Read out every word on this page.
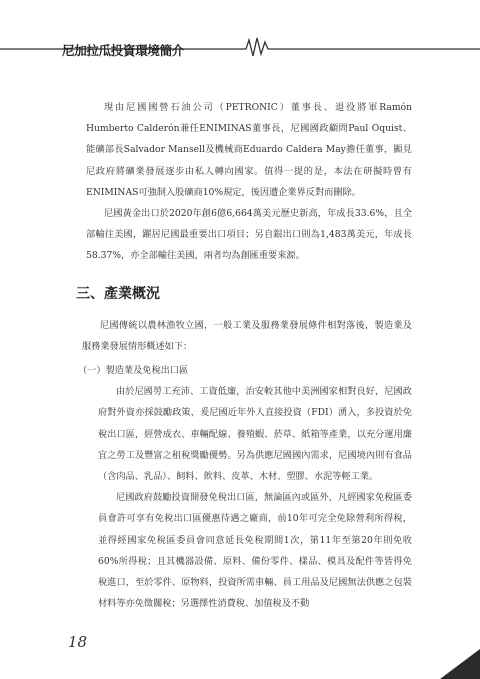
尼加拉瓜投資環境簡介

現由尼國國營石油公司（PETRONIC）董事長、退役將軍Ramón Humberto Calderón兼任ENIMINAS董事長，尼國國政顧問Paul Oquist、能礦部長Salvador Mansell及機械商Eduardo Caldera May擔任董事，顯見尼政府將礦業發展逐步由私人轉向國家。值得一提的是，本法在研擬時曾有ENIMINAS可強制入股礦商10%規定，後因遭企業界反對而刪除。

尼國黃金出口於2020年創6億6,664萬美元歷史新高，年成長33.6%，且全部輸往美國，躍居尼國最重要出口項目；另自銀出口則為1,483萬美元，年成長58.37%，亦全部輸往美國，兩者均為創匯重要來源。

三、產業概況

尼國傳統以農林漁牧立國，一般工業及服務業發展條件相對落後，製造業及服務業發展情形概述如下：

（一）製造業及免稅出口區

由於尼國勞工充沛、工資低廉，治安較其他中美洲國家相對良好，尼國政府對外資亦採鼓勵政策，爰尼國近年外人直接投資（FDI）湧入，多投資於免稅出口區，經營成衣、車輛配線、養殖蝦、菸草、紙箱等產業，以充分運用廉宜之勞工及豐富之租稅獎勵優勢。另為供應尼國國內需求，尼國境內則有食品（含肉品、乳品）、飼料、飲料、皮革、木材、塑膠、水泥等輕工業。

尼國政府鼓勵投資開發免稅出口區，無論區內或區外，凡經國家免稅區委員會許可享有免稅出口區優惠待遇之廠商，前10年可完全免除營利所得稅，並得經國家免稅區委員會同意延長免稅期間1次，第11年至第20年則免收60%所得稅；且其機器設備、原料、備份零件、樣品、模具及配件等皆得免稅進口，至於零件、原物料，投資所需車輛、員工用品及尼國無法供應之包裝材料等亦免徵關稅；另選擇性消費稅、加值稅及不動

18
